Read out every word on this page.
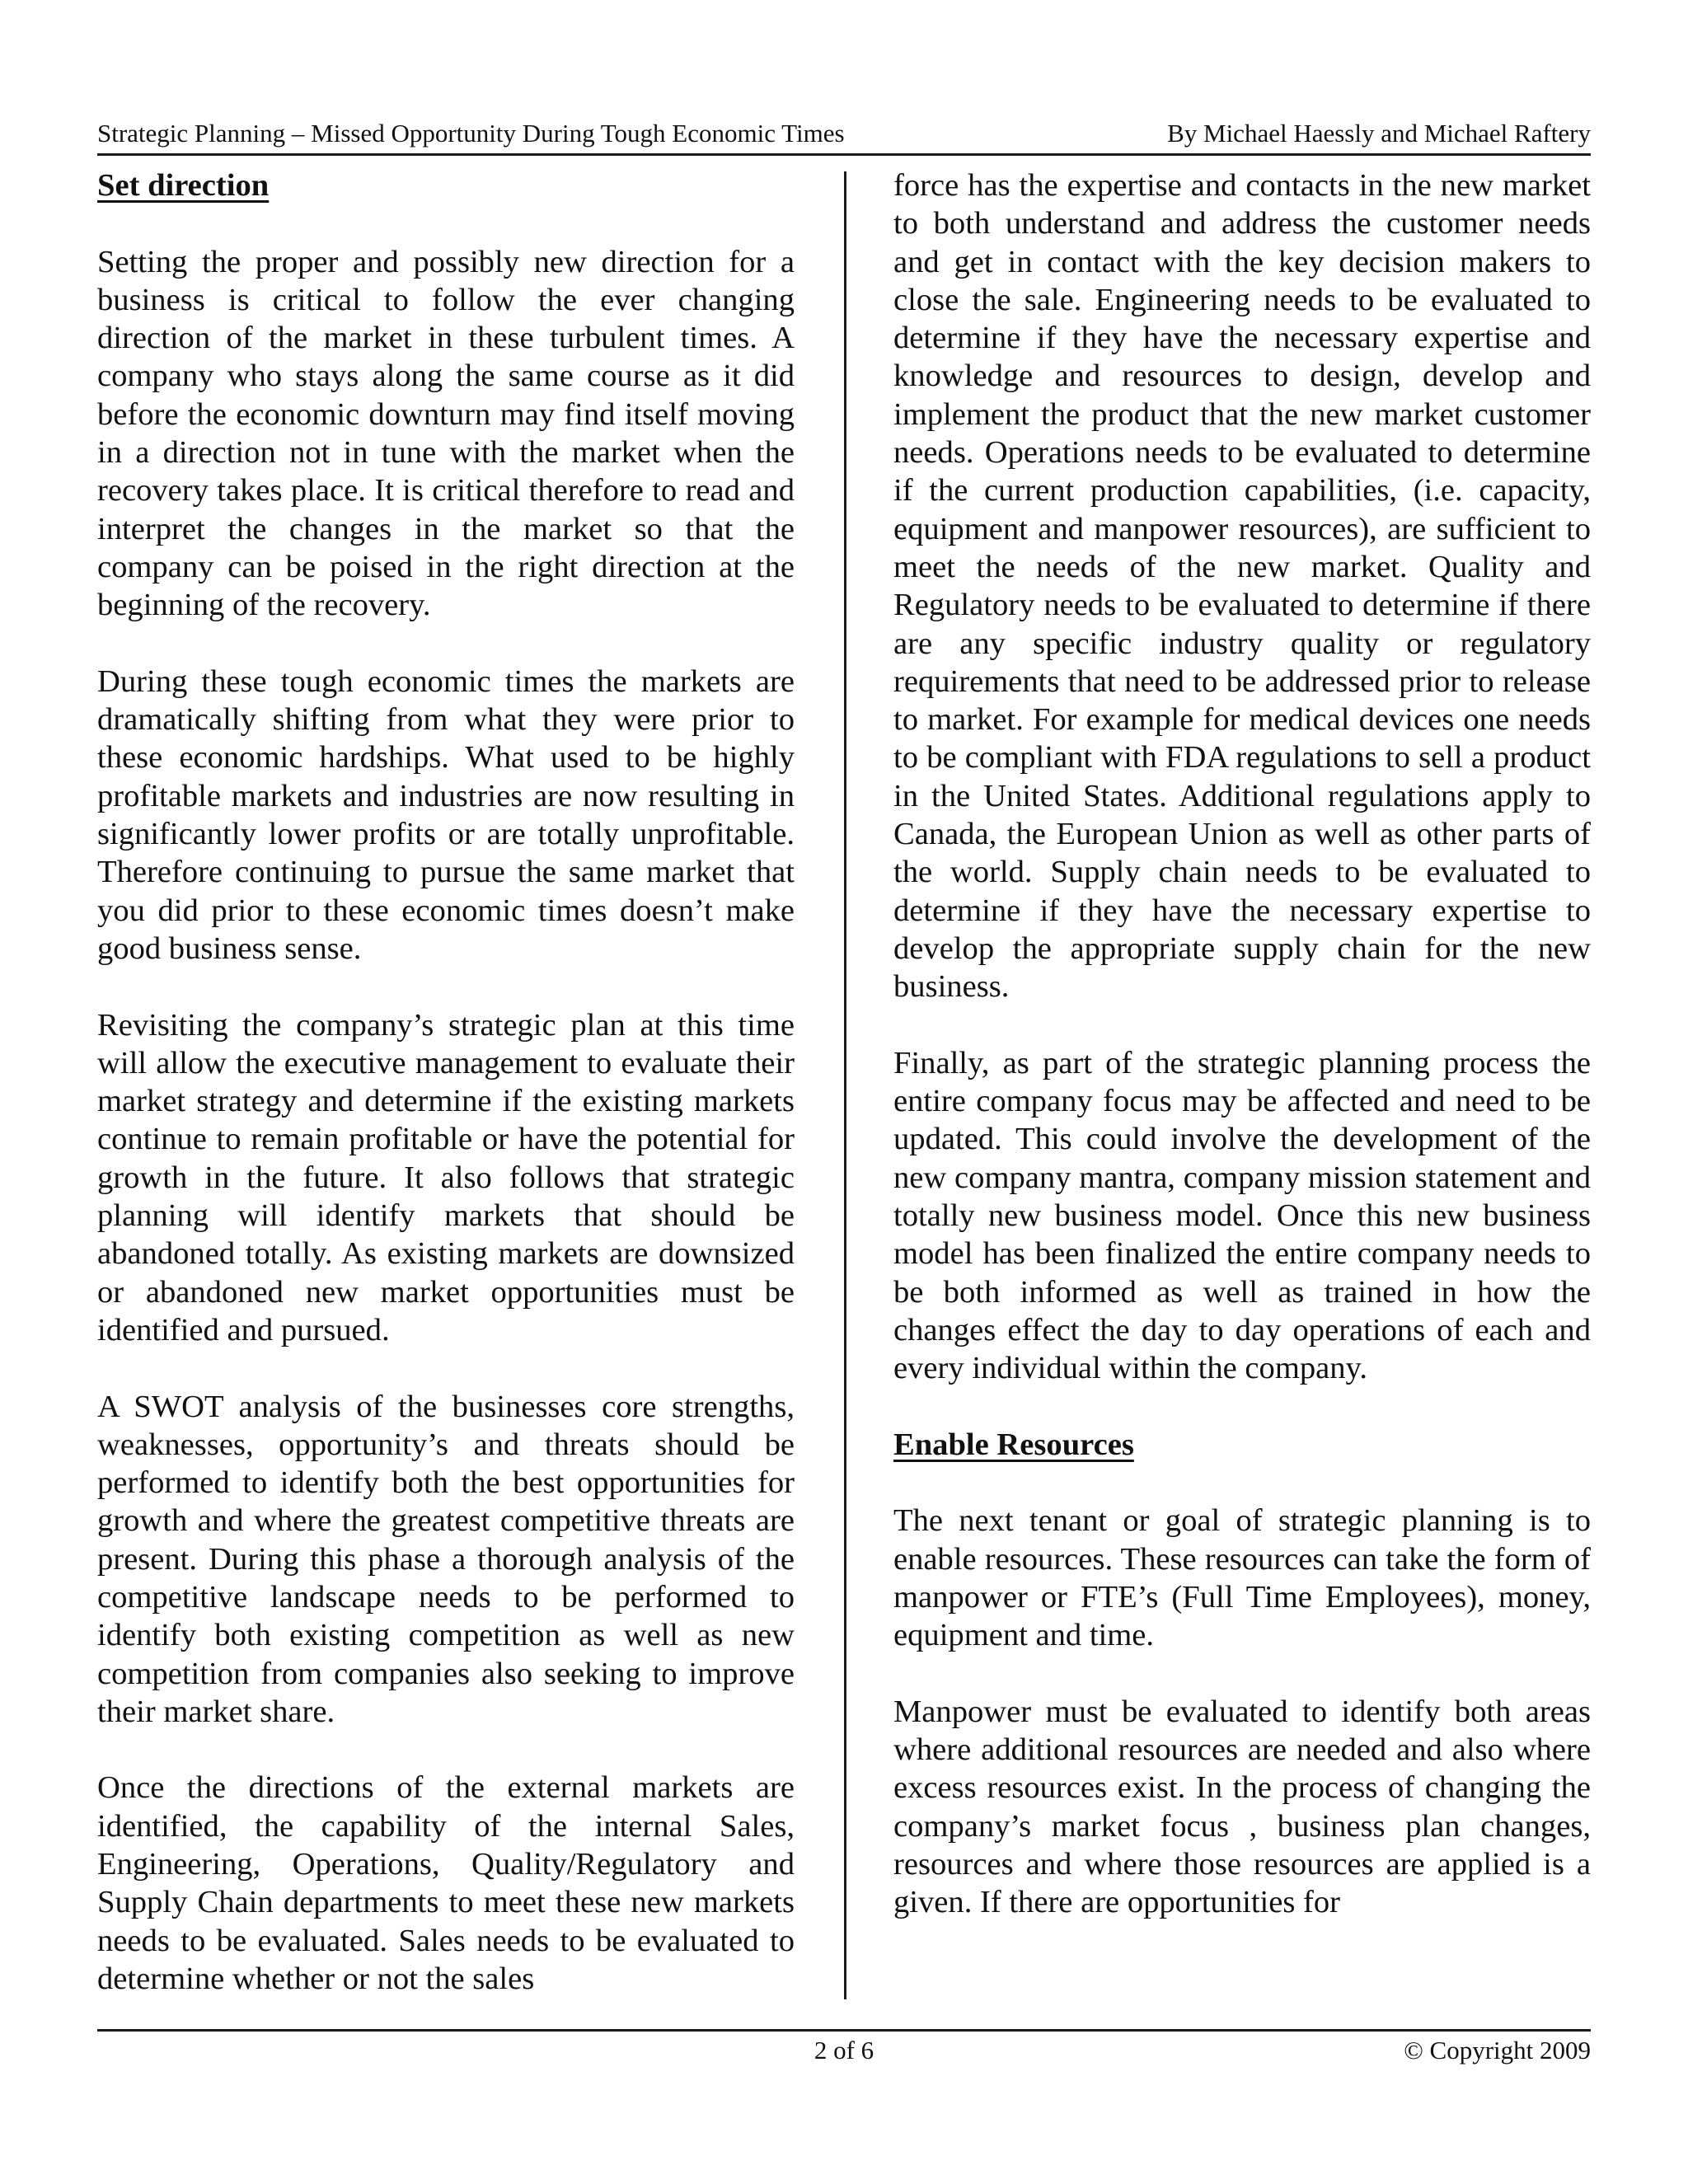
Strategic Planning – Missed Opportunity During Tough Economic Times	By Michael Haessly and Michael Raftery
Set direction

Setting the proper and possibly new direction for a business is critical to follow the ever changing direction of the market in these turbulent times. A company who stays along the same course as it did before the economic downturn may find itself moving in a direction not in tune with the market when the recovery takes place. It is critical therefore to read and interpret the changes in the market so that the company can be poised in the right direction at the beginning of the recovery.

During these tough economic times the markets are dramatically shifting from what they were prior to these economic hardships. What used to be highly profitable markets and industries are now resulting in significantly lower profits or are totally unprofitable. Therefore continuing to pursue the same market that you did prior to these economic times doesn’t make good business sense.

Revisiting the company’s strategic plan at this time will allow the executive management to evaluate their market strategy and determine if the existing markets continue to remain profitable or have the potential for growth in the future. It also follows that strategic planning will identify markets that should be abandoned totally. As existing markets are downsized or abandoned new market opportunities must be identified and pursued.

A SWOT analysis of the businesses core strengths, weaknesses, opportunity’s and threats should be performed to identify both the best opportunities for growth and where the greatest competitive threats are present. During this phase a thorough analysis of the competitive landscape needs to be performed to identify both existing competition as well as new competition from companies also seeking to improve their market share.

Once the directions of the external markets are identified, the capability of the internal Sales, Engineering, Operations, Quality/Regulatory and Supply Chain departments to meet these new markets needs to be evaluated. Sales needs to be evaluated to determine whether or not the sales

force has the expertise and contacts in the new market to both understand and address the customer needs and get in contact with the key decision makers to close the sale. Engineering needs to be evaluated to determine if they have the necessary expertise and knowledge and resources to design, develop and implement the product that the new market customer needs. Operations needs to be evaluated to determine if the current production capabilities, (i.e. capacity, equipment and manpower resources), are sufficient to meet the needs of the new market. Quality and Regulatory needs to be evaluated to determine if there are any specific industry quality or regulatory requirements that need to be addressed prior to release to market. For example for medical devices one needs to be compliant with FDA regulations to sell a product in the United States. Additional regulations apply to Canada, the European Union as well as other parts of the world. Supply chain needs to be evaluated to determine if they have the necessary expertise to develop the appropriate supply chain for the new business.

Finally, as part of the strategic planning process the entire company focus may be affected and need to be updated. This could involve the development of the new company mantra, company mission statement and totally new business model. Once this new business model has been finalized the entire company needs to be both informed as well as trained in how the changes effect the day to day operations of each and every individual within the company.

Enable Resources

The next tenant or goal of strategic planning is to enable resources. These resources can take the form of manpower or FTE’s (Full Time Employees), money, equipment and time.

Manpower must be evaluated to identify both areas where additional resources are needed and also where excess resources exist. In the process of changing the company’s market focus , business plan changes, resources and where those resources are applied is a given. If there are opportunities for

2 of 6	© Copyright 2009
